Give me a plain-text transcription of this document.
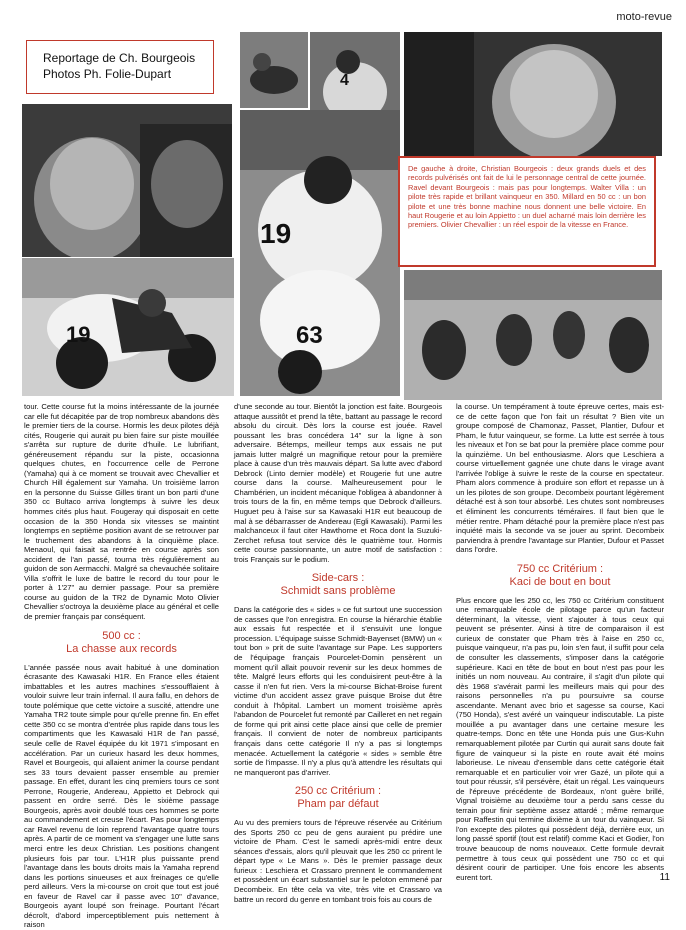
moto-revue
Reportage de Ch. Bourgeois
Photos Ph. Folie-Dupart
19
4
19
63
De gauche à droite, Christian Bourgeois : deux grands duels et des records pulvérisés ont fait de lui le personnage central de cette journée. Ravel devant Bourgeois : mais pas pour longtemps. Walter Villa : un pilote très rapide et brillant vainqueur en 350. Millard en 50 cc : un bon pilote et une très bonne machine nous donnent une belle victoire. En haut Rougerie et au loin Appietto : un duel acharné mais loin derrière les premiers. Olivier Chevallier : un réel espoir de la vitesse en France.

tour. Cette course fut la moins intéressante de la journée car elle fut décapitée par de trop nombreux abandons dès le premier tiers de la course. Hormis les deux pilotes déjà cités, Rougerie qui aurait pu bien faire sur piste mouillée s'arrêta sur rupture de durite d'huile. Le lubrifiant, généreusement répandu sur la piste, occasionna quelques chutes, en l'occurrence celle de Perrone (Yamaha) qui à ce moment se trouvait avec Chevallier et Church Hill également sur Yamaha. Un troisième larron en la personne du Suisse Gilles tirant un bon parti d'une 350 cc Bultaco arriva longtemps à suivre les deux hommes cités plus haut. Fougeray qui disposait en cette occasion de la 350 Honda six vitesses se maintint longtemps en septième position avant de se retrouver par le truchement des abandons à la cinquième place. Menaoul, qui faisait sa rentrée en course après son accident de l'an passé, tourna très régulièrement au guidon de son Aermacchi. Malgré sa chevauchée solitaire Villa s'offrit le luxe de battre le record du tour pour le porter à 1'27" au dernier passage. Pour sa première course au guidon de la TR2 de Dynamic Moto Olivier Chevallier s'octroya la deuxième place au général et celle de premier français par conséquent.

500 cc :
La chasse aux records

L'année passée nous avait habitué à une domination écrasante des Kawasaki H1R. En France elles étaient imbattables et les autres machines s'essoufflaient à vouloir suivre leur train infernal. Il aura fallu, en dehors de toute polémique que cette victoire a suscité, attendre une Yamaha TR2 toute simple pour qu'elle prenne fin. En effet cette 350 cc se montra d'entrée plus rapide dans tous les compartiments que les Kawasaki H1R de l'an passé, seule celle de Ravel équipée du kit 1971 s'imposant en accélération. Par un curieux hasard les deux hommes, Ravel et Bourgeois, qui allaient animer la course pendant ses 33 tours devaient passer ensemble au premier passage. En effet, durant les cinq premiers tours ce sont Perrone, Rougerie, Andereau, Appietto et Debrock qui passent en ordre serré. Dès le sixième passage Bourgeois, après avoir doublé tous ces hommes se porte au commandement et creuse l'écart. Pas pour longtemps car Ravel revenu de loin reprend l'avantage quatre tours après. A partir de ce moment va s'engager une lutte sans merci entre les deux Christian. Les positions changent plusieurs fois par tour. L'H1R plus puissante prend l'avantage dans les bouts droits mais la Yamaha reprend dans les portions sinueuses et aux freinages ce qu'elle perd ailleurs. Vers la mi-course on croit que tout est joué en faveur de Ravel car il passe avec 10" d'avance, Bourgeois ayant loupé son freinage. Pourtant l'écart décroît, d'abord imperceptiblement puis nettement à raison

d'une seconde au tour. Bientôt la jonction est faite. Bourgeois attaque aussitôt et prend la tête, battant au passage le record absolu du circuit. Dès lors la course est jouée. Ravel poussant les bras concédera 14" sur la ligne à son adversaire. Bétemps, meilleur temps aux essais ne put jamais lutter malgré un magnifique retour pour la première place à cause d'un très mauvais départ. Sa lutte avec d'abord Debrock (Linto dernier modèle) et Rougerie fut une autre course dans la course. Malheureusement pour le Chambérien, un incident mécanique l'obligea à abandonner à trois tours de la fin, en même temps que Debrock d'ailleurs. Huguet peu à l'aise sur sa Kawasaki H1R eut beaucoup de mal à se débarrasser de Andereau (Egli Kawasaki). Parmi les malchanceux il faut citer Hawthorne et Roca dont la Suzuki-Zerchet refusa tout service dès le quatrième tour. Hormis cette course passionnante, un autre motif de satisfaction : trois Français sur le podium.

Side-cars :
Schmidt sans problème

Dans la catégorie des « sides » ce fut surtout une succession de casses que l'on enregistra. En course la hiérarchie établie aux essais fut respectée et il s'ensuivit une longue procession. L'équipage suisse Schmidt-Bayenset (BMW) un « tout bon » prit de suite l'avantage sur Pape. Les supporters de l'équipage français Pourcelet-Domin pensèrent un moment qu'il allait pouvoir revenir sur les deux hommes de tête. Malgré leurs efforts qui les conduisirent peut-être à la casse il n'en fut rien. Vers la mi-course Bichat-Broise furent victime d'un accident assez grave puisque Broise dut être conduit à l'hôpital. Lambert un moment troisième après l'abandon de Pourcelet fut remonté par Cailleret en net regain de forme qui prit ainsi cette place ainsi que celle de premier français. Il convient de noter de nombreux participants français dans cette catégorie Il n'y a pas si longtemps menacée. Actuellement la catégorie « sides » semble être sortie de l'impasse. Il n'y a plus qu'à attendre les résultats qui ne manqueront pas d'arriver.

250 cc Critérium :
Pham par défaut

Au vu des premiers tours de l'épreuve réservée au Critérium des Sports 250 cc peu de gens auraient pu prédire une victoire de Pham. C'est le samedi après-midi entre deux séances d'essais, alors qu'il pleuvait que les 250 cc prirent le départ type « Le Mans ». Dès le premier passage deux furieux : Leschiera et Crassaro prennent le commandement et possèdent un écart substantiel sur le peloton emmené par Decombeix. En tête cela va vite, très vite et Crassaro va battre un record du genre en tombant trois fois au cours de

la course. Un tempérament à toute épreuve certes, mais est-ce de cette façon que l'on fait un résultat ? Bien vite un groupe composé de Chamonaz, Passet, Plantier, Dufour et Pham, le futur vainqueur, se forme. La lutte est serrée à tous les niveaux et l'on se bat pour la première place comme pour la quinzième. Un bel enthousiasme. Alors que Leschiera a course virtuellement gagnée une chute dans le virage avant l'arrivée l'oblige à suivre le reste de la course en spectateur. Pham alors commence à produire son effort et repasse un à un les pilotes de son groupe. Decombeix pourtant légèrement détaché est à son tour absorbé. Les chutes sont nombreuses et éliminent les concurrents téméraires. Il faut bien que le métier rentre. Pham détaché pour la première place n'est pas inquiété mais la seconde va se jouer au sprint. Decombeix parviendra à prendre l'avantage sur Plantier, Dufour et Passet dans l'ordre.

750 cc Critérium :
Kaci de bout en bout

Plus encore que les 250 cc, les 750 cc Critérium constituent une remarquable école de pilotage parce qu'un facteur déterminant, la vitesse, vient s'ajouter à tous ceux qui peuvent se présenter. Ainsi à titre de comparaison il est curieux de constater que Pham très à l'aise en 250 cc, puisque vainqueur, n'a pas pu, loin s'en faut, il suffit pour cela de consulter les classements, s'imposer dans la catégorie supérieure. Kaci en tête de bout en bout n'est pas pour les initiés un nom nouveau. Au contraire, il s'agit d'un pilote qui dès 1968 s'avérait parmi les meilleurs mais qui pour des raisons personnelles n'a pu poursuivre sa course ascendante. Menant avec brio et sagesse sa course, Kaci (750 Honda), s'est avéré un vainqueur indiscutable. La piste mouillée a pu avantager dans une certaine mesure les quatre-temps. Donc en tête une Honda puis une Gus-Kuhn remarquablement pilotée par Curtin qui aurait sans doute fait figure de vainqueur si la piste en route avait été moins laborieuse. Le niveau d'ensemble dans cette catégorie était remarquable et en particulier voir vrer Gazé, un pilote qui a tout pour réussir, s'il persévère, était un régal. Les vainqueurs de l'épreuve précédente de Bordeaux, n'ont guère brillé, Vignal troisième au deuxième tour a perdu sans cesse du terrain pour finir septième assez attardé ; même remarque pour Raffestin qui termine dixième à un tour du vainqueur. Si l'on excepte des pilotes qui possèdent déjà, derrière eux, un long passé sportif (tout est relatif) comme Kaci et Godier, l'on trouve beaucoup de noms nouveaux. Cette formule devrait permettre à tous ceux qui possèdent une 750 cc et qui désirent courir de participer. Une fois encore les absents eurent tort.	11
